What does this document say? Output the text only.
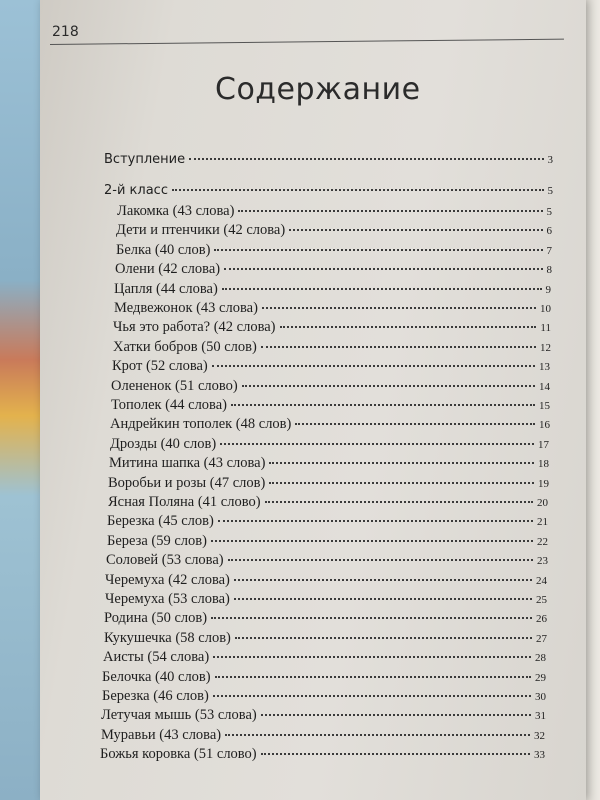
218
Содержание
Вступление	3
2-й класс	5
Лакомка (43 слова)	5
Дети и птенчики (42 слова)	6
Белка (40 слов)	7
Олени (42 слова)	8
Цапля (44 слова)	9
Медвежонок (43 слова)	10
Чья это работа? (42 слова)	11
Хатки бобров (50 слов)	12
Крот (52 слова)	13
Олененок (51 слово)	14
Тополек (44 слова)	15
Андрейкин тополек (48 слов)	16
Дрозды (40 слов)	17
Митина шапка (43 слова)	18
Воробьи и розы (47 слов)	19
Ясная Поляна (41 слово)	20
Березка (45 слов)	21
Береза (59 слов)	22
Соловей (53 слова)	23
Черемуха (42 слова)	24
Черемуха (53 слова)	25
Родина (50 слов)	26
Кукушечка (58 слов)	27
Аисты (54 слова)	28
Белочка (40 слов)	29
Березка (46 слов)	30
Летучая мышь (53 слова)	31
Муравьи (43 слова)	32
Божья коровка (51 слово)	33
